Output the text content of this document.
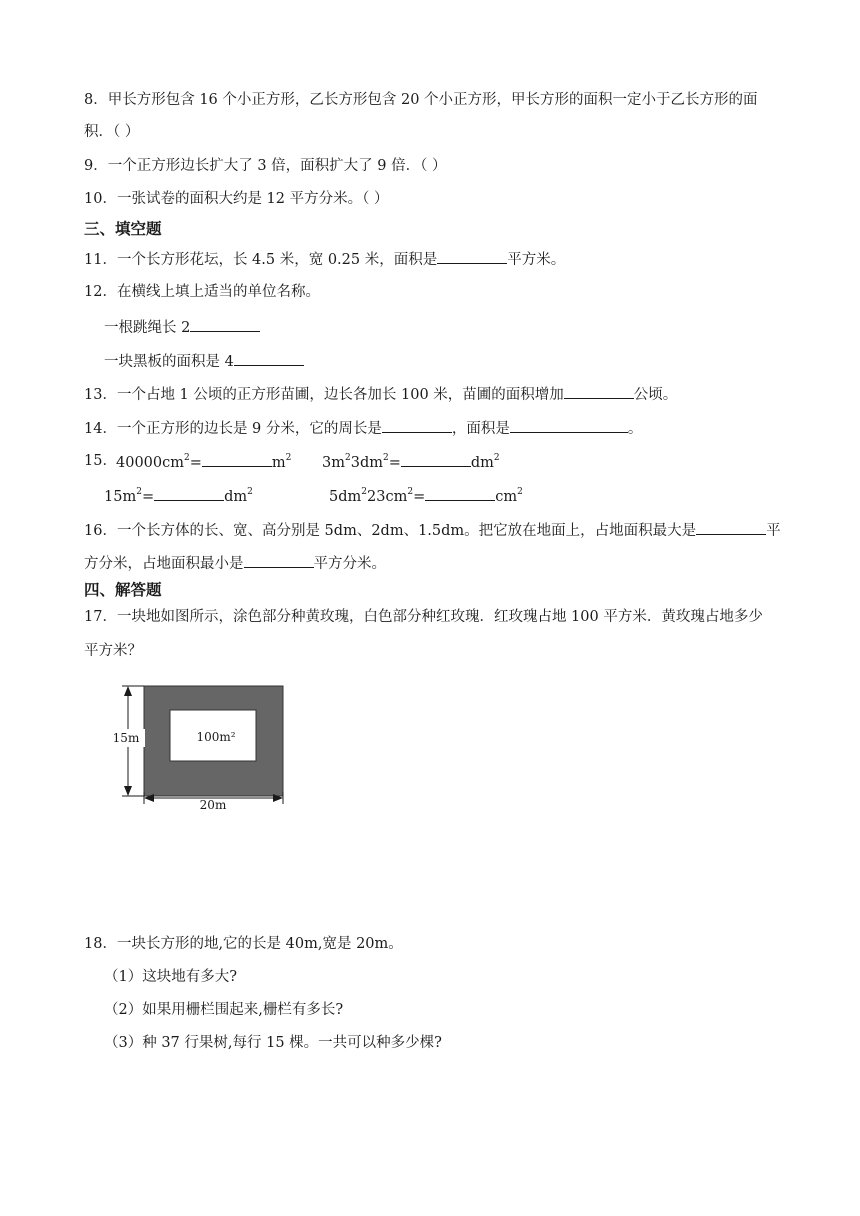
8．甲长方形包含 16 个小正方形，乙长方形包含 20 个小正方形，甲长方形的面积一定小于乙长方形的面
积．（ ）
9．一个正方形边长扩大了 3 倍，面积扩大了 9 倍．（ ）
10．一张试卷的面积大约是 12 平方分米。（ ）
三、填空题
11．一个长方形花坛，长 4.5 米，宽 0.25 米，面积是	平方米。
12．在横线上填上适当的单位名称。
一根跳绳长 2
一块黑板的面积是 4
13．一个占地 1 公顷的正方形苗圃，边长各加长 100 米，苗圃的面积增加	公顷。
14．一个正方形的边长是 9 分米，它的周长是	，面积是	。
15． $40000cm^2=$	$m^2$ $3m^23dm^2=$	$dm^2$
$15m^2=$	$dm^2$	$5dm^223cm^2=$	$cm^2$
16．一个长方体的长、宽、高分别是 5dm、2dm、1.5dm。把它放在地面上，占地面积最大是	平
方分米，占地面积最小是	平方分米。
四、解答题
17．一块地如图所示，涂色部分种黄玫瑰，白色部分种红玫瑰．红玫瑰占地 100 平方米．黄玫瑰占地多少
平方米？
100m²
15m
20m
18．一块长方形的地,它的长是 40m,宽是 20m。
（1）这块地有多大?
（2）如果用栅栏围起来,栅栏有多长?
（3）种 37 行果树,每行 15 棵。一共可以种多少棵?
